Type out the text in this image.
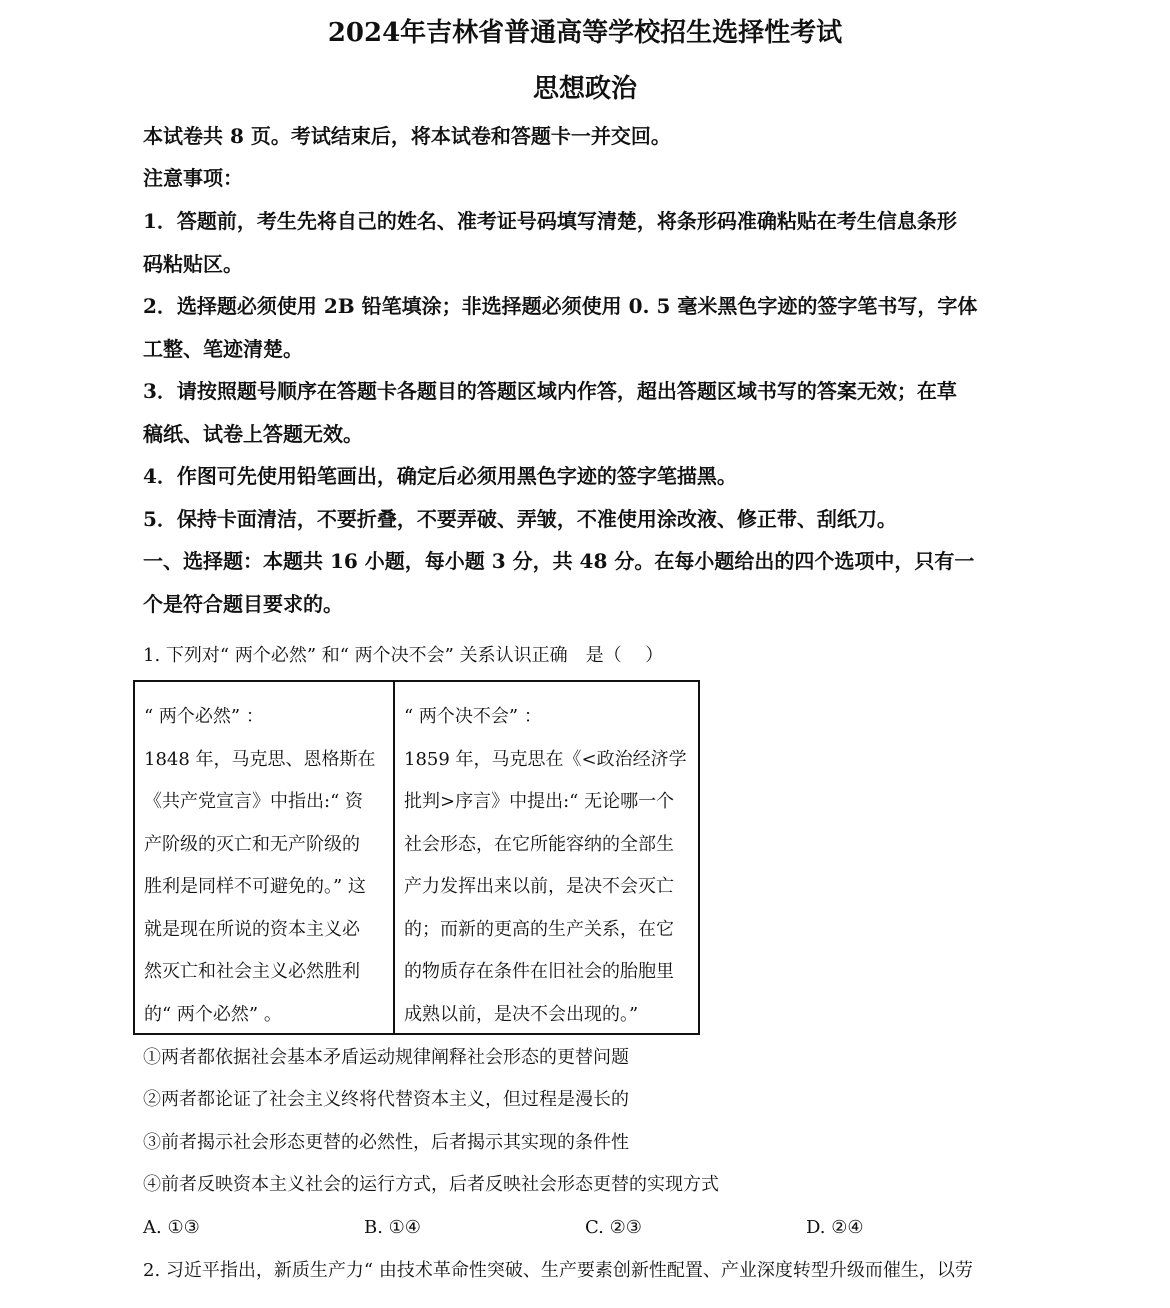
2024年吉林省普通高等学校招生选择性考试
思想政治
本试卷共 8 页。考试结束后，将本试卷和答题卡一并交回。
注意事项：
1．答题前，考生先将自己的姓名、准考证号码填写清楚，将条形码准确粘贴在考生信息条形
码粘贴区。
2．选择题必须使用 2B 铅笔填涂；非选择题必须使用 0. 5 毫米黑色字迹的签字笔书写，字体
工整、笔迹清楚。
3．请按照题号顺序在答题卡各题目的答题区域内作答，超出答题区域书写的答案无效；在草
稿纸、试卷上答题无效。
4．作图可先使用铅笔画出，确定后必须用黑色字迹的签字笔描黑。
5．保持卡面清洁，不要折叠，不要弄破、弄皱，不准使用涂改液、修正带、刮纸刀。
一、选择题：本题共 16 小题，每小题 3 分，共 48 分。在每小题给出的四个选项中，只有一
个是符合题目要求的。
1. 下列对“ 两个必然” 和“ 两个决不会” 关系认识正确　是（　 ）
“ 两个必然” ：
1848 年，马克思、恩格斯在
《共产党宣言》中指出:“ 资
产阶级的灭亡和无产阶级的
胜利是同样不可避免的。” 这
就是现在所说的资本主义必
然灭亡和社会主义必然胜利
的“ 两个必然” 。
“ 两个决不会” ：
1859 年，马克思在《<政治经济学
批判>序言》中提出:“ 无论哪一个
社会形态，在它所能容纳的全部生
产力发挥出来以前，是决不会灭亡
的；而新的更高的生产关系，在它
的物质存在条件在旧社会的胎胞里
成熟以前，是决不会出现的。”
①两者都依据社会基本矛盾运动规律阐释社会形态的更替问题
②两者都论证了社会主义终将代替资本主义，但过程是漫长的
③前者揭示社会形态更替的必然性，后者揭示其实现的条件性
④前者反映资本主义社会的运行方式，后者反映社会形态更替的实现方式
A. ①③	B. ①④	C. ②③	D. ②④
2. 习近平指出，新质生产力“ 由技术革命性突破、生产要素创新性配置、产业深度转型升级而催生，以劳
